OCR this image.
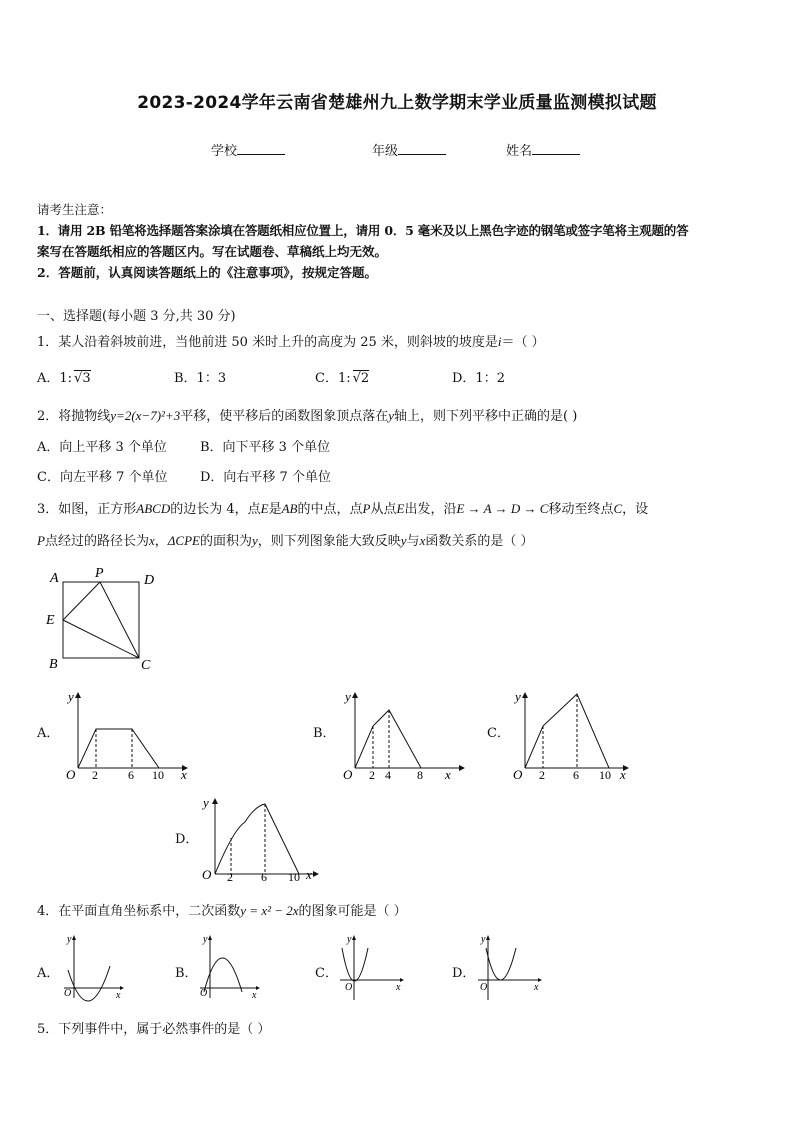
2023-2024学年云南省楚雄州九上数学期末学业质量监测模拟试题
学校	年级	姓名
请考生注意：
1．请用 2B 铅笔将选择题答案涂填在答题纸相应位置上，请用 0．5 毫米及以上黑色字迹的钢笔或签字笔将主观题的答
案写在答题纸相应的答题区内。写在试题卷、草稿纸上均无效。
2．答题前，认真阅读答题纸上的《注意事项》，按规定答题。
一、选择题(每小题 3 分,共 30 分)
1．某人沿着斜坡前进，当他前进 50 米时上升的高度为 25 米，则斜坡的坡度是i＝（ ）
A．1: √3	B．1：3	C．1: √2	D．1：2
2．将抛物线y=2(x−7)²+3平移，使平移后的函数图象顶点落在y轴上，则下列平移中正确的是( )
A．向上平移 3 个单位	B．向下平移 3 个单位
C．向左平移 7 个单位	D．向右平移 7 个单位
3．如图，正方形ABCD的边长为 4，点E是AB的中点，点P从点E出发，沿E → A → D → C移动至终点C，设
P点经过的路径长为x，ΔCPE的面积为y，则下列图象能大致反映y与x函数关系的是（ ）
A	P	D
E
B	C
A．
y
x
O 2	6 10
B．
y
x
O 2 4 8
C．
y
x
O 2 6 10
D．
y
x
O 2 6 10
4．在平面直角坐标系中，二次函数y = x² − 2x的图象可能是（ ）
A．
y
x
O
B．
y
x
O
C．
y
x
O
D．
y
x
O
5．下列事件中，属于必然事件的是（ ）
